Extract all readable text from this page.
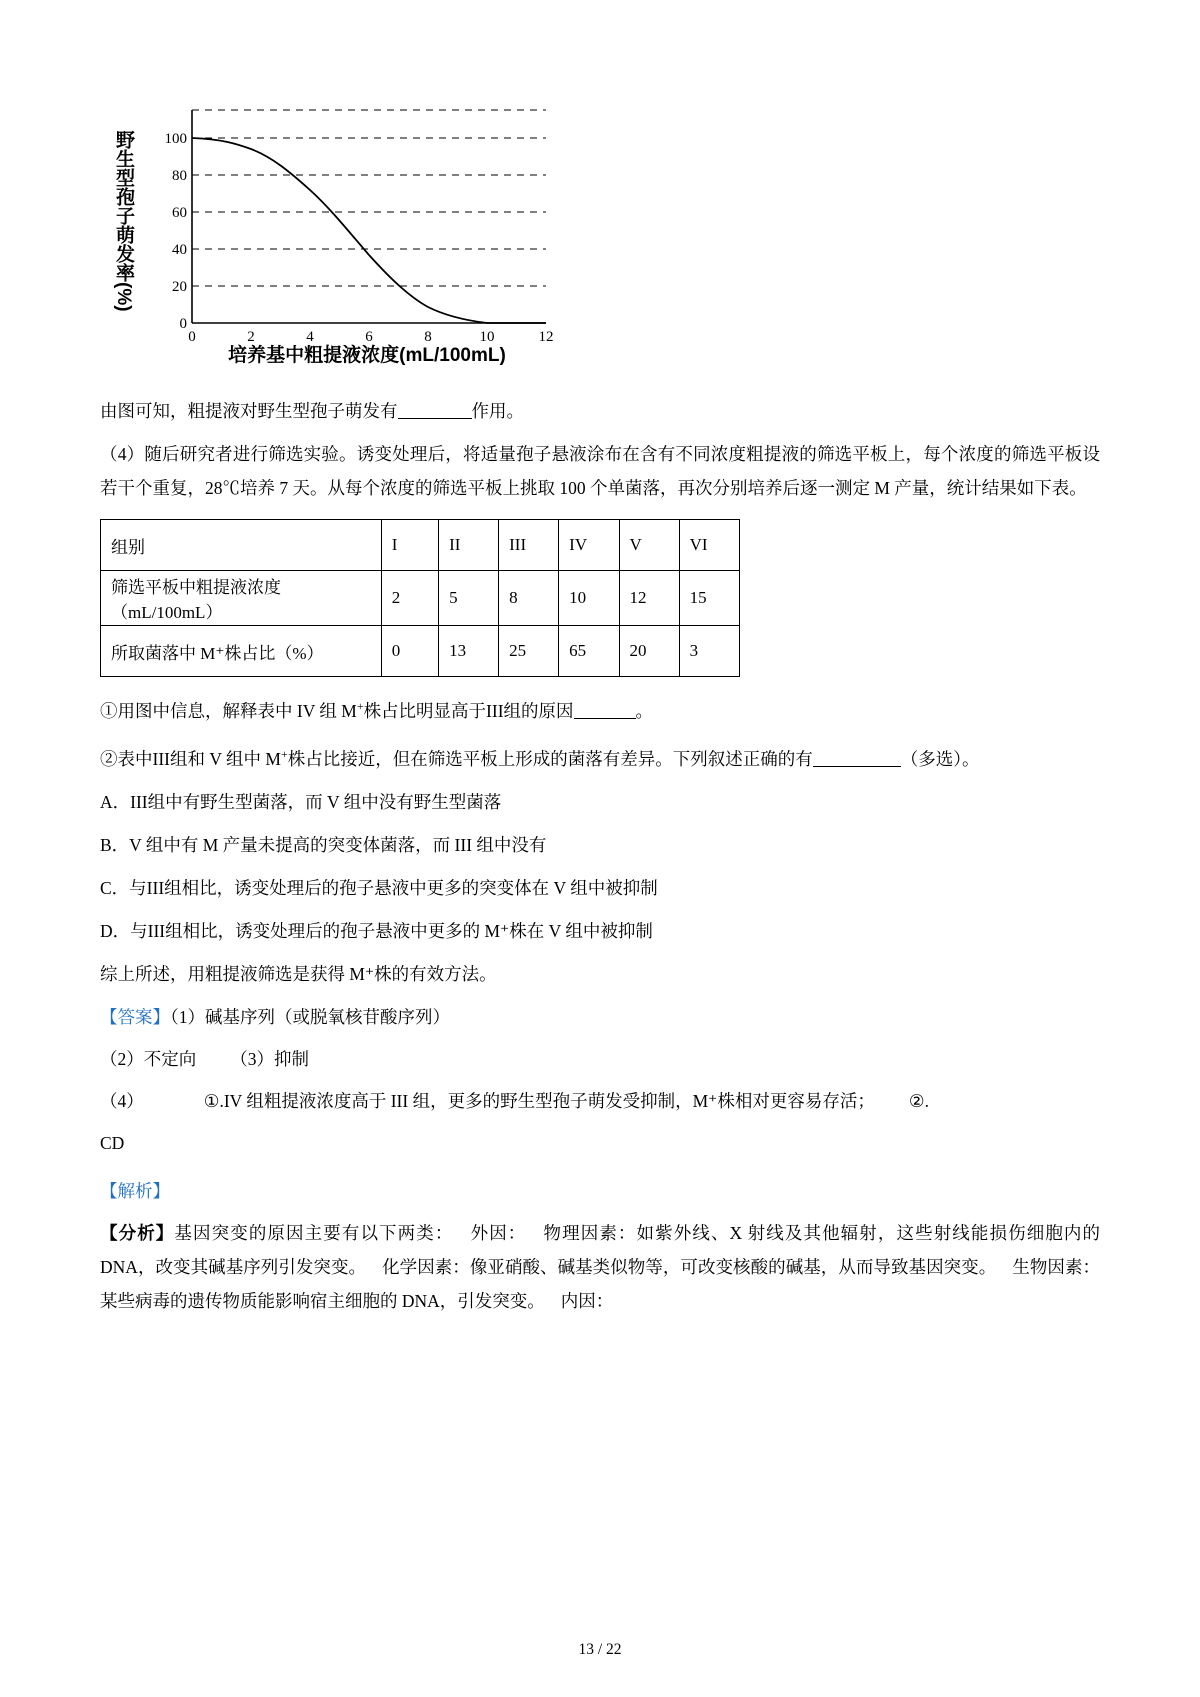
野生型孢子萌发率(%) 100
80
60
40
20
0
0	2	4	6	8	10	12
培养基中粗提液浓度(mL/100mL)

由图可知，粗提液对野生型孢子萌发有	作用。

（4）随后研究者进行筛选实验。诱变处理后，将适量孢子悬液涂布在含有不同浓度粗提液的筛选平板上，每个浓度的筛选平板设若干个重复，28℃培养 7 天。从每个浓度的筛选平板上挑取 100 个单菌落，再次分别培养后逐一测定 M 产量，统计结果如下表。

组别	I	II	III	IV	V	VI
筛选平板中粗提液浓度（mL/100mL）	2	5	8	10	12	15
所取菌落中 M⁺株占比（%）	0	13	25	65	20	3

①用图中信息，解释表中 IV 组 M+株占比明显高于III组的原因	。

②表中III组和 V 组中 M+株占比接近，但在筛选平板上形成的菌落有差异。下列叙述正确的有	（多选）。

A．III组中有野生型菌落，而 V 组中没有野生型菌落

B．V 组中有 M 产量未提高的突变体菌落，而 III 组中没有

C．与III组相比，诱变处理后的孢子悬液中更多的突变体在 V 组中被抑制

D．与III组相比，诱变处理后的孢子悬液中更多的 M⁺株在 V 组中被抑制

综上所述，用粗提液筛选是获得 M⁺株的有效方法。

【答案】（1）碱基序列（或脱氧核苷酸序列）

（2）不定向 （3）抑制

（4）	①.IV 组粗提液浓度高于 III 组，更多的野生型孢子萌发受抑制，M⁺株相对更容易存活； ②.

CD

【解析】

【分析】基因突变的原因主要有以下两类： 外因： 物理因素：如紫外线、X 射线及其他辐射，这些射线能损伤细胞内的 DNA，改变其碱基序列引发突变。 化学因素：像亚硝酸、碱基类似物等，可改变核酸的碱基，从而导致基因突变。 生物因素：某些病毒的遗传物质能影响宿主细胞的 DNA，引发突变。 内因：

13 / 22
